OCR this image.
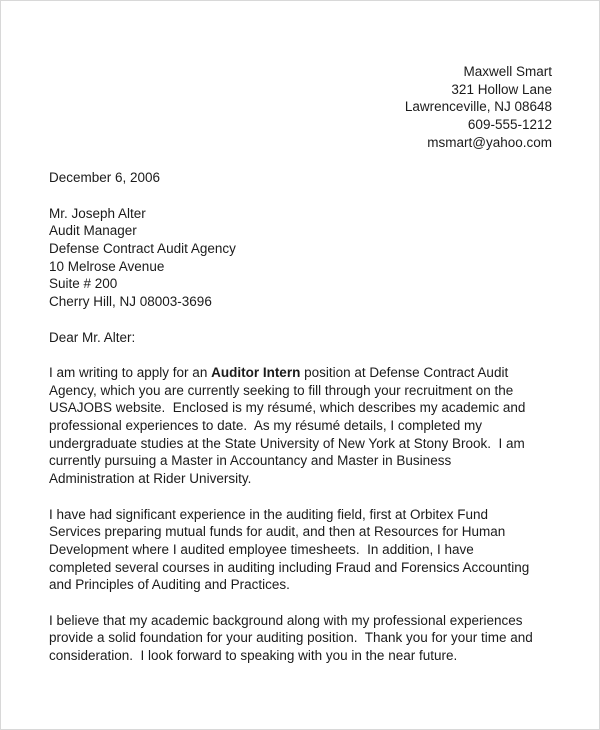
Maxwell Smart
321 Hollow Lane
Lawrenceville, NJ 08648
609-555-1212
msmart@yahoo.com
December 6, 2006
Mr. Joseph Alter
Audit Manager
Defense Contract Audit Agency
10 Melrose Avenue
Suite # 200
Cherry Hill, NJ 08003-3696
Dear Mr. Alter:
I am writing to apply for an Auditor Intern position at Defense Contract Audit
Agency, which you are currently seeking to fill through your recruitment on the
USAJOBS website.  Enclosed is my résumé, which describes my academic and
professional experiences to date.  As my résumé details, I completed my
undergraduate studies at the State University of New York at Stony Brook.  I am
currently pursuing a Master in Accountancy and Master in Business
Administration at Rider University.
I have had significant experience in the auditing field, first at Orbitex Fund
Services preparing mutual funds for audit, and then at Resources for Human
Development where I audited employee timesheets.  In addition, I have
completed several courses in auditing including Fraud and Forensics Accounting
and Principles of Auditing and Practices.
I believe that my academic background along with my professional experiences
provide a solid foundation for your auditing position.  Thank you for your time and
consideration.  I look forward to speaking with you in the near future.
